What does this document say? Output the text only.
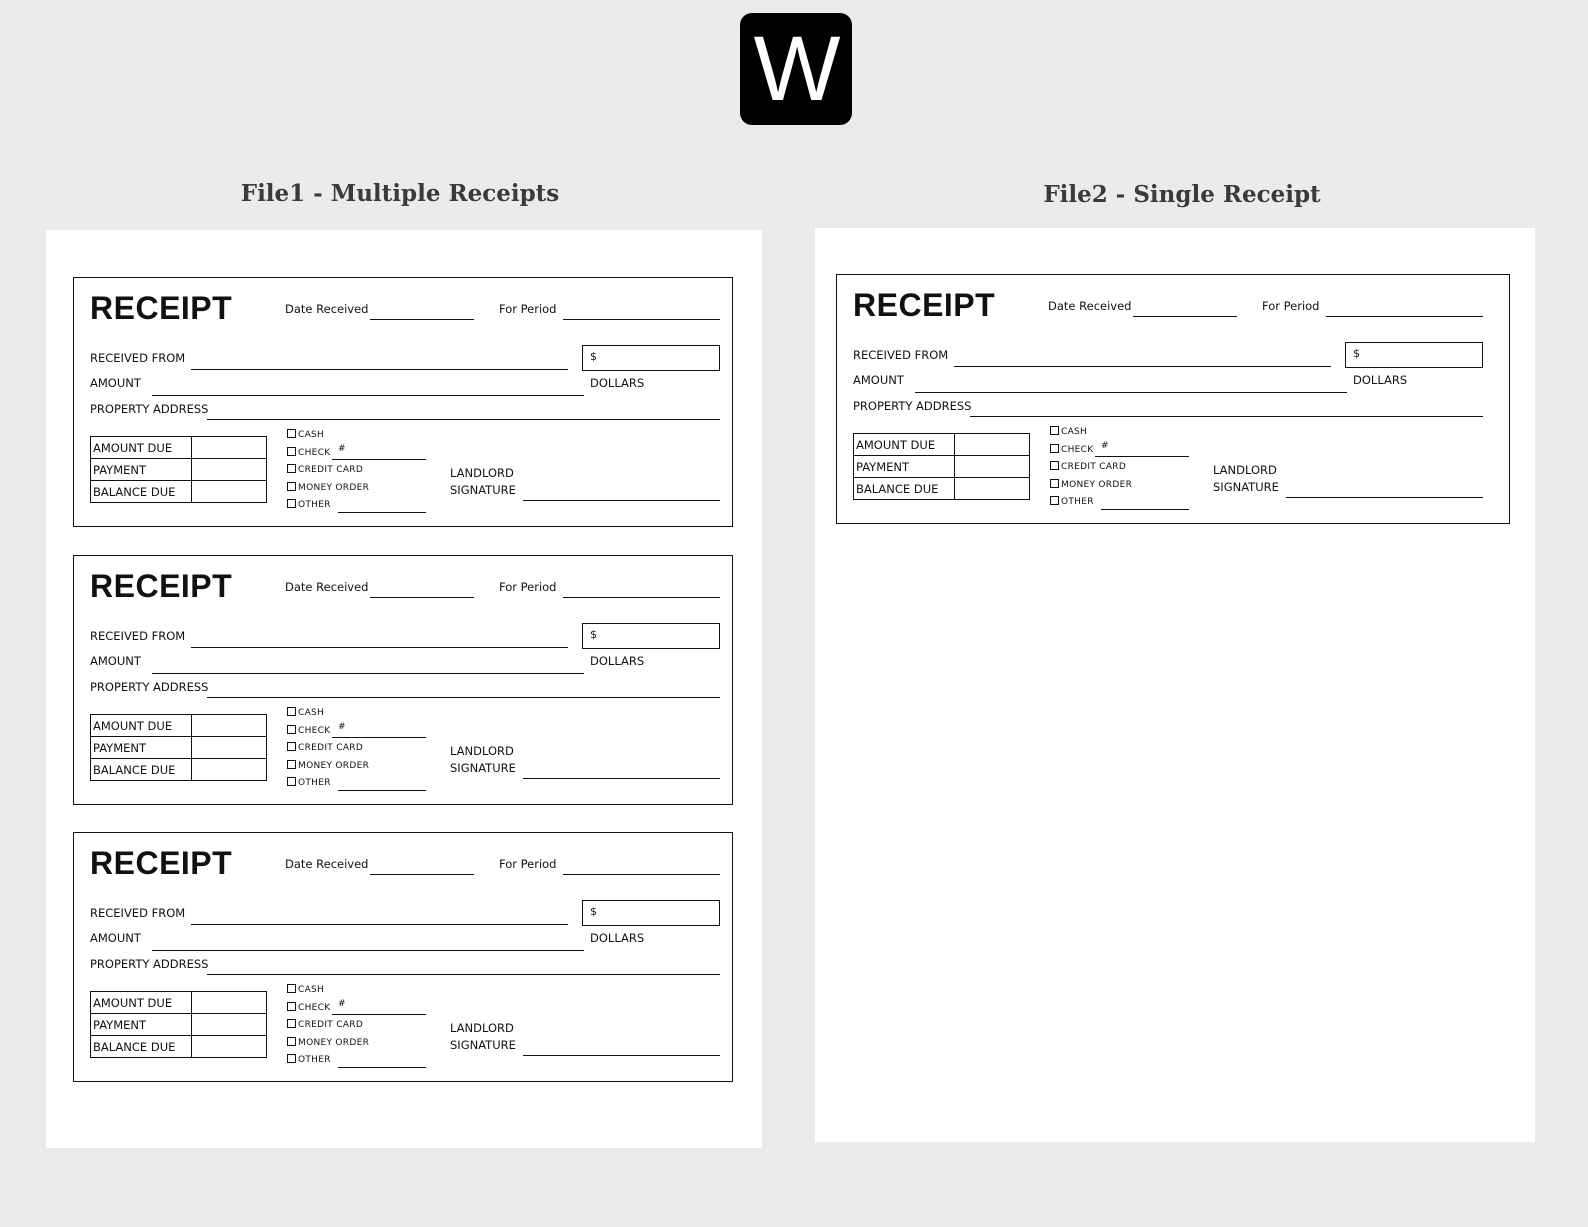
W
File1 - Multiple Receipts	File2 - Single Receipt
RECEIPT	Date Received	For Period
RECEIVED FROM	$
AMOUNT	DOLLARS
PROPERTY ADDRESS
AMOUNT DUE	
PAYMENT	
BALANCE DUE	
CASH
CHECK #
CREDIT CARD
MONEY ORDER
OTHER
LANDLORD
SIGNATURE
RECEIPT	Date Received	For Period
RECEIVED FROM	$
AMOUNT	DOLLARS
PROPERTY ADDRESS
AMOUNT DUE	
PAYMENT	
BALANCE DUE	
CASH
CHECK #
CREDIT CARD
MONEY ORDER
OTHER
LANDLORD
SIGNATURE
RECEIPT	Date Received	For Period
RECEIVED FROM	$
AMOUNT	DOLLARS
PROPERTY ADDRESS
AMOUNT DUE	
PAYMENT	
BALANCE DUE	
CASH
CHECK #
CREDIT CARD
MONEY ORDER
OTHER
LANDLORD
SIGNATURE
RECEIPT	Date Received	For Period
RECEIVED FROM	$
AMOUNT	DOLLARS
PROPERTY ADDRESS
AMOUNT DUE	
PAYMENT	
BALANCE DUE	
CASH
CHECK #
CREDIT CARD
MONEY ORDER
OTHER
LANDLORD
SIGNATURE
